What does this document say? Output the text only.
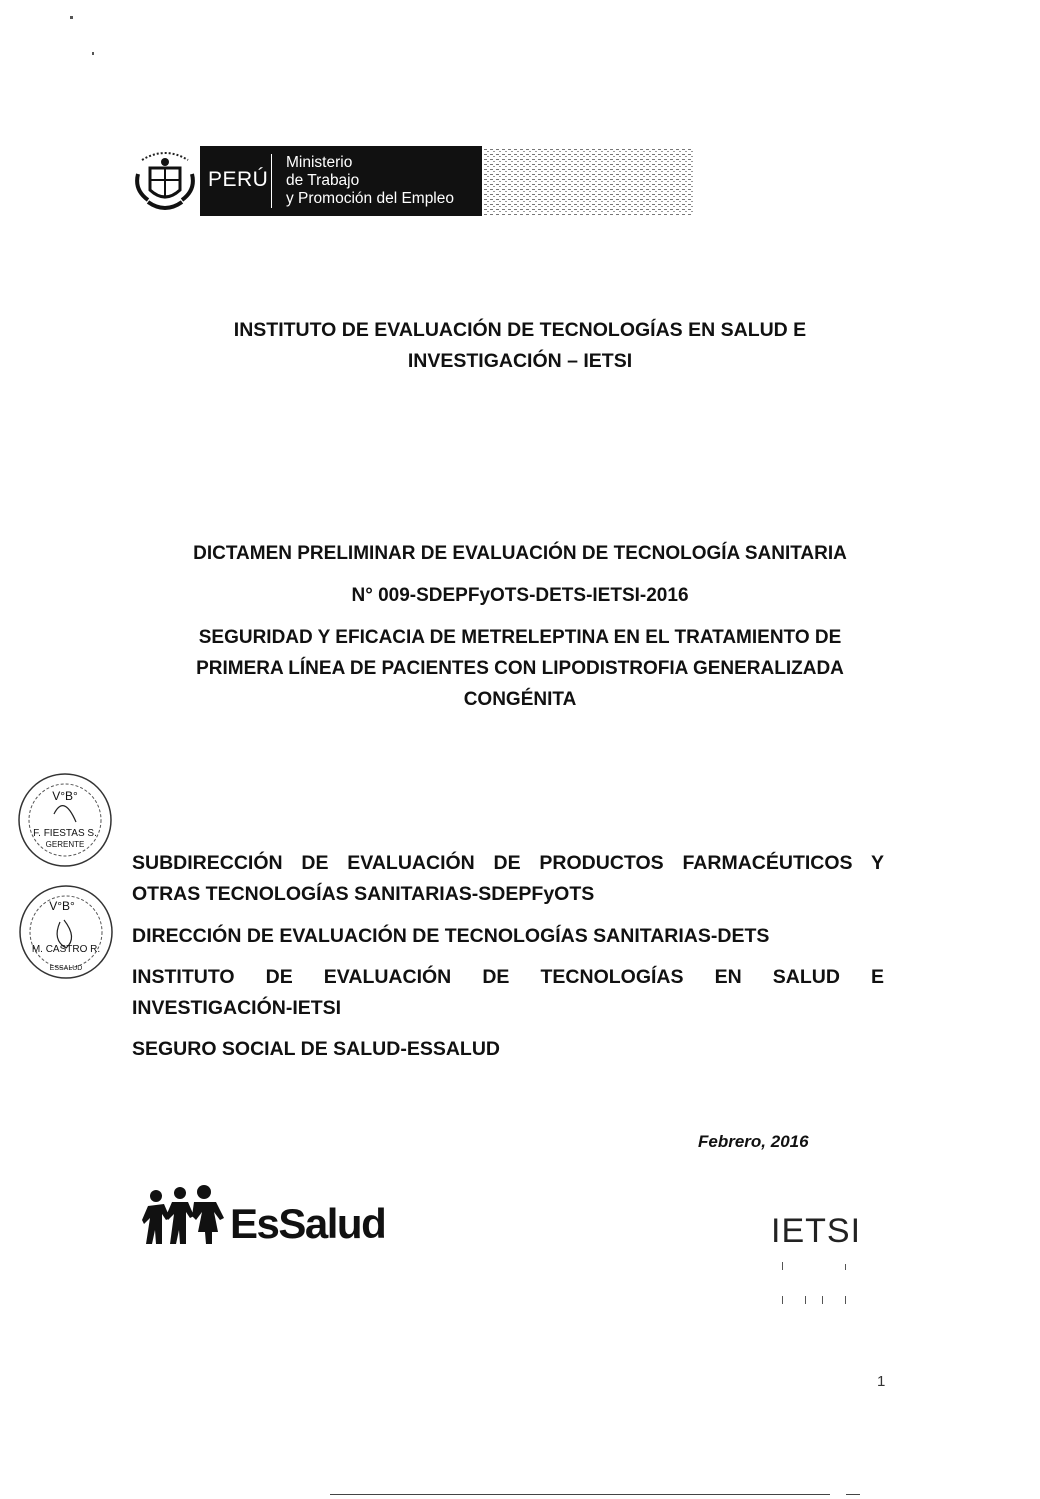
PERÚ
Ministerio
de Trabajo
y Promoción del Empleo
INSTITUTO DE EVALUACIÓN DE TECNOLOGÍAS EN SALUD E
INVESTIGACIÓN – IETSI
DICTAMEN PRELIMINAR DE EVALUACIÓN DE TECNOLOGÍA SANITARIA
N° 009-SDEPFyOTS-DETS-IETSI-2016
SEGURIDAD Y EFICACIA DE METRELEPTINA EN EL TRATAMIENTO DE
PRIMERA LÍNEA DE PACIENTES CON LIPODISTROFIA GENERALIZADA
CONGÉNITA
V°B°
F. FIESTAS S.
GERENTE
V°B°
M. CASTRO R.
ESSALUD
SUBDIRECCIÓN DE EVALUACIÓN DE PRODUCTOS FARMACÉUTICOS Y
OTRAS TECNOLOGÍAS SANITARIAS-SDEPFyOTS
DIRECCIÓN DE EVALUACIÓN DE TECNOLOGÍAS SANITARIAS-DETS
INSTITUTO DE EVALUACIÓN DE TECNOLOGÍAS EN SALUD E
INVESTIGACIÓN-IETSI
SEGURO SOCIAL DE SALUD-ESSALUD
Febrero, 2016
EsSalud	IETSI
1
